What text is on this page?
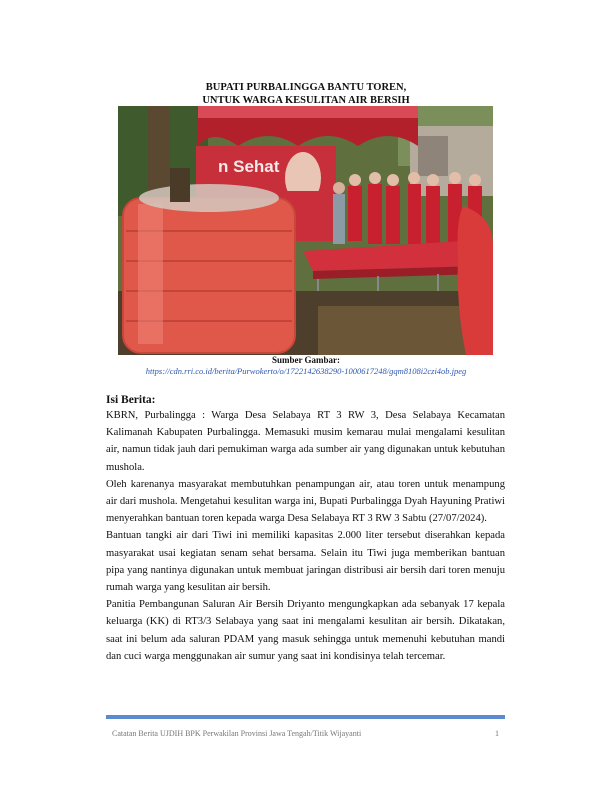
BUPATI PURBALINGGA BANTU TOREN,
UNTUK WARGA KESULITAN AIR BERSIH
n Sehat
Sumber Gambar:
https://cdn.rri.co.id/berita/Purwokerto/o/1722142638290-1000617248/gqm8108i2czi4ob.jpeg
Isi Berita:

KBRN, Purbalingga : Warga Desa Selabaya RT 3 RW 3, Desa Selabaya Kecamatan Kalimanah Kabupaten Purbalingga. Memasuki musim kemarau mulai mengalami kesulitan air, namun tidak jauh dari pemukiman warga ada sumber air yang digunakan untuk kebutuhan mushola.

Oleh karenanya masyarakat membutuhkan penampungan air, atau toren untuk menampung air dari mushola. Mengetahui kesulitan warga ini, Bupati Purbalingga Dyah Hayuning Pratiwi menyerahkan bantuan toren kepada warga Desa Selabaya RT 3 RW 3 Sabtu (27/07/2024).

Bantuan tangki air dari Tiwi ini memiliki kapasitas 2.000 liter tersebut diserahkan kepada masyarakat usai kegiatan senam sehat bersama. Selain itu Tiwi juga memberikan bantuan pipa yang nantinya digunakan untuk membuat jaringan distribusi air bersih dari toren menuju rumah warga yang kesulitan air bersih.

Panitia Pembangunan Saluran Air Bersih Driyanto mengungkapkan ada sebanyak 17 kepala keluarga (KK) di RT3/3 Selabaya yang saat ini mengalami kesulitan air bersih. Dikatakan, saat ini belum ada saluran PDAM yang masuk sehingga untuk memenuhi kebutuhan mandi dan cuci warga menggunakan air sumur yang saat ini kondisinya telah tercemar.

Catatan Berita UJDIH BPK Perwakilan Provinsi Jawa Tengah/Titik Wijayanti	1
